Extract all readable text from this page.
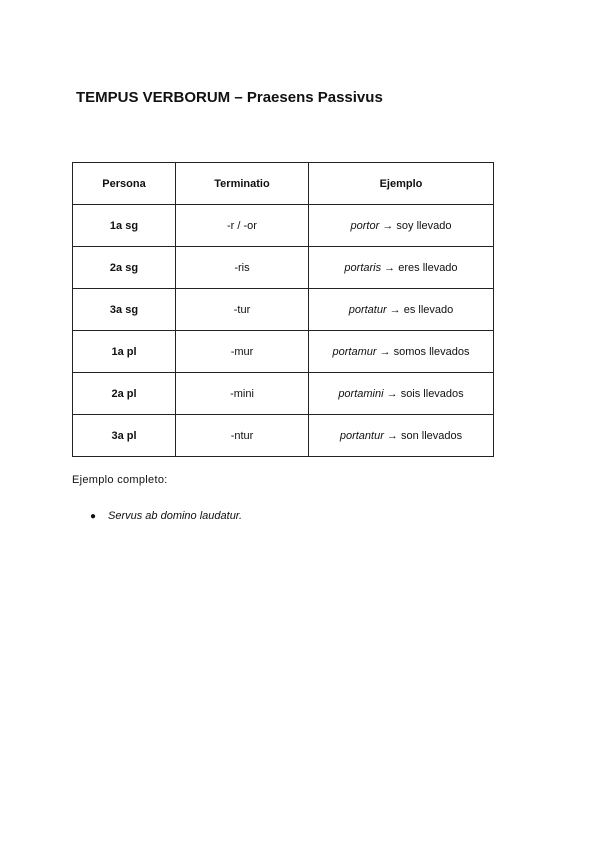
TEMPUS VERBORUM – Praesens Passivus
Persona	Terminatio	Ejemplo
1a sg	-r / -or	portor → soy llevado
2a sg	-ris	portaris → eres llevado
3a sg	-tur	portatur → es llevado
1a pl	-mur	portamur → somos llevados
2a pl	-mini	portamini → sois llevados
3a pl	-ntur	portantur → son llevados

Ejemplo completo:

●	Servus ab domino laudatur.
